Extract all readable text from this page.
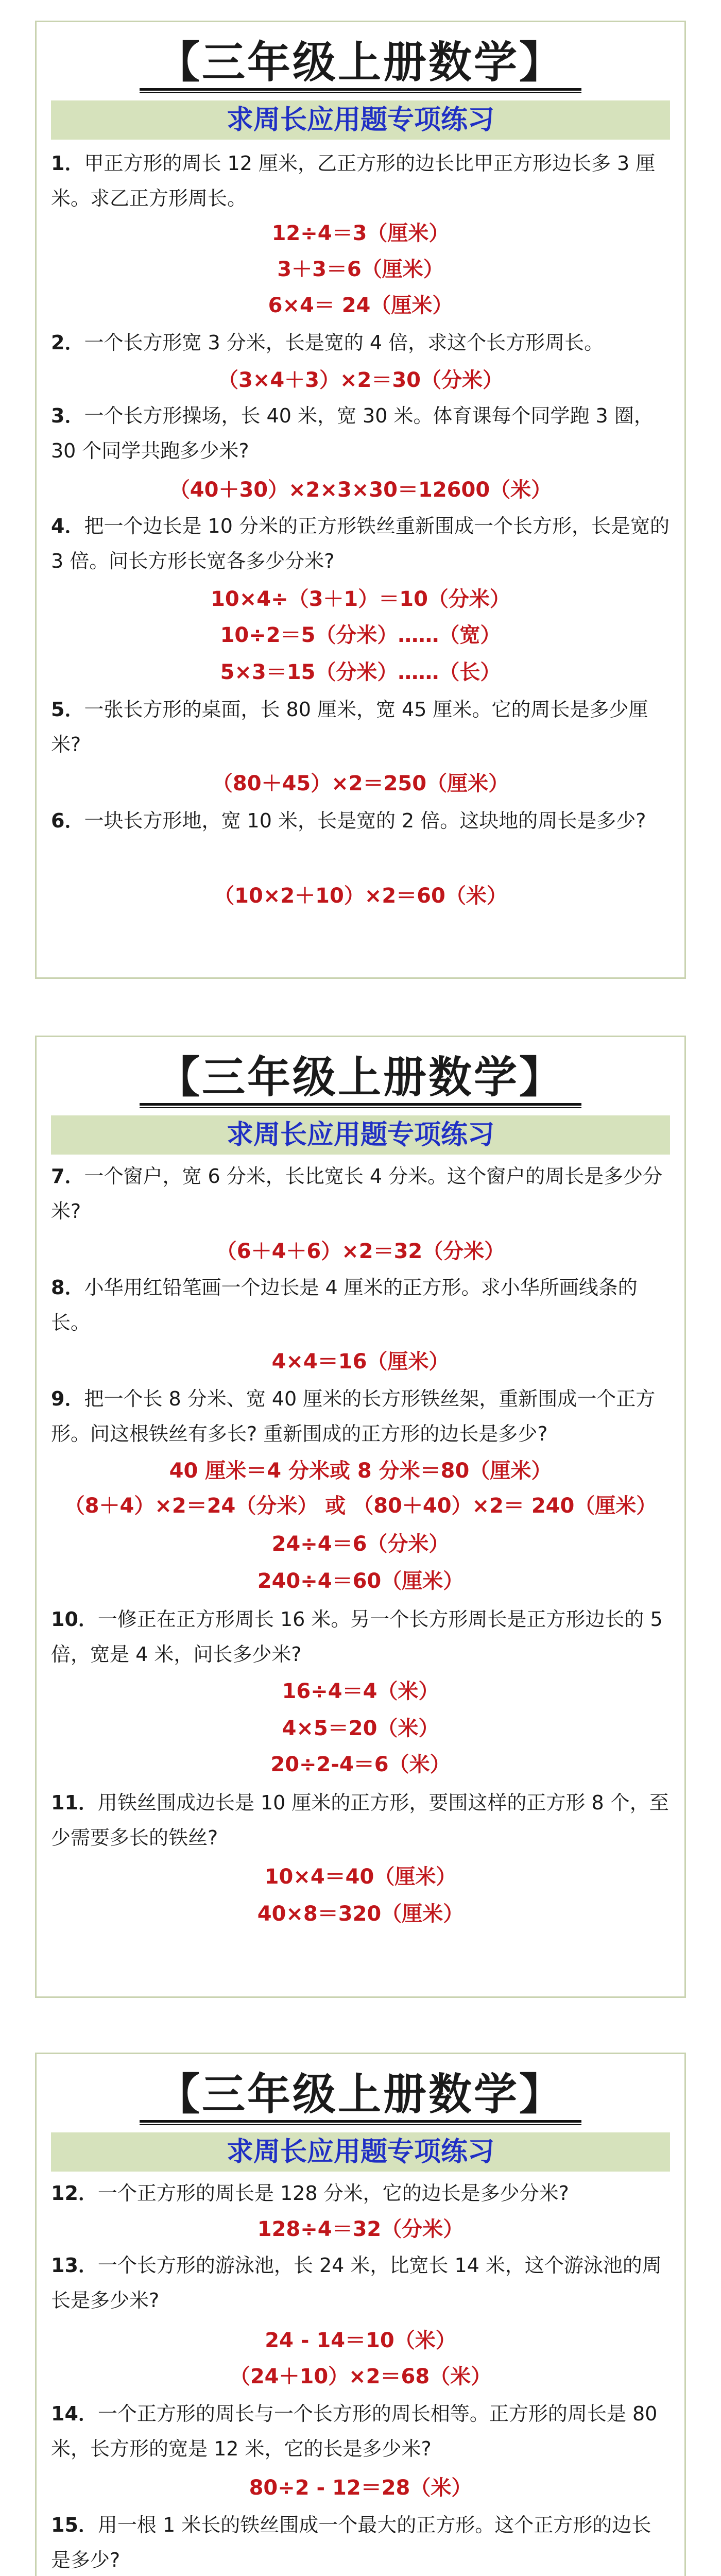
【三年级上册数学】
求周长应用题专项练习
1．甲正方形的周长 12 厘米，乙正方形的边长比甲正方形边长多 3 厘米。求乙正方形周长。
12÷4＝3（厘米）
3＋3＝6（厘米）
6×4＝ 24（厘米）
2．一个长方形宽 3 分米，长是宽的 4 倍，求这个长方形周长。
（3×4＋3）×2＝30（分米）
3．一个长方形操场，长 40 米，宽 30 米。体育课每个同学跑 3 圈，30 个同学共跑多少米?
（40＋30）×2×3×30＝12600（米）
4．把一个边长是 10 分米的正方形铁丝重新围成一个长方形，长是宽的 3 倍。问长方形长宽各多少分米?
10×4÷（3＋1）＝10（分米）
10÷2＝5（分米）……（宽）
5×3＝15（分米）……（长）
5．一张长方形的桌面，长 80 厘米，宽 45 厘米。它的周长是多少厘米?
（80＋45）×2＝250（厘米）
6．一块长方形地，宽 10 米，长是宽的 2 倍。这块地的周长是多少?
（10×2＋10）×2＝60（米）
【三年级上册数学】
求周长应用题专项练习
7．一个窗户，宽 6 分米，长比宽长 4 分米。这个窗户的周长是多少分米?
（6＋4＋6）×2＝32（分米）
8．小华用红铅笔画一个边长是 4 厘米的正方形。求小华所画线条的长。
4×4＝16（厘米）
9．把一个长 8 分米、宽 40 厘米的长方形铁丝架，重新围成一个正方形。问这根铁丝有多长? 重新围成的正方形的边长是多少?
40 厘米＝4 分米或 8 分米＝80（厘米）
（8＋4）×2＝24（分米） 或 （80＋40）×2＝ 240（厘米）
24÷4＝6（分米）
240÷4＝60（厘米）
10．一修正在正方形周长 16 米。另一个长方形周长是正方形边长的 5 倍，宽是 4 米，问长多少米?
16÷4＝4（米）
4×5＝20（米）
20÷2-4＝6（米）
11．用铁丝围成边长是 10 厘米的正方形，要围这样的正方形 8 个，至少需要多长的铁丝?
10×4＝40（厘米）
40×8＝320（厘米）
【三年级上册数学】
求周长应用题专项练习
12．一个正方形的周长是 128 分米，它的边长是多少分米?
128÷4＝32（分米）
13．一个长方形的游泳池，长 24 米，比宽长 14 米，这个游泳池的周长是多少米?
24 - 14＝10（米）
（24＋10）×2＝68（米）
14．一个正方形的周长与一个长方形的周长相等。正方形的周长是 80 米，长方形的宽是 12 米，它的长是多少米?
80÷2 - 12＝28（米）
15．用一根 1 米长的铁丝围成一个最大的正方形。这个正方形的边长是多少?
